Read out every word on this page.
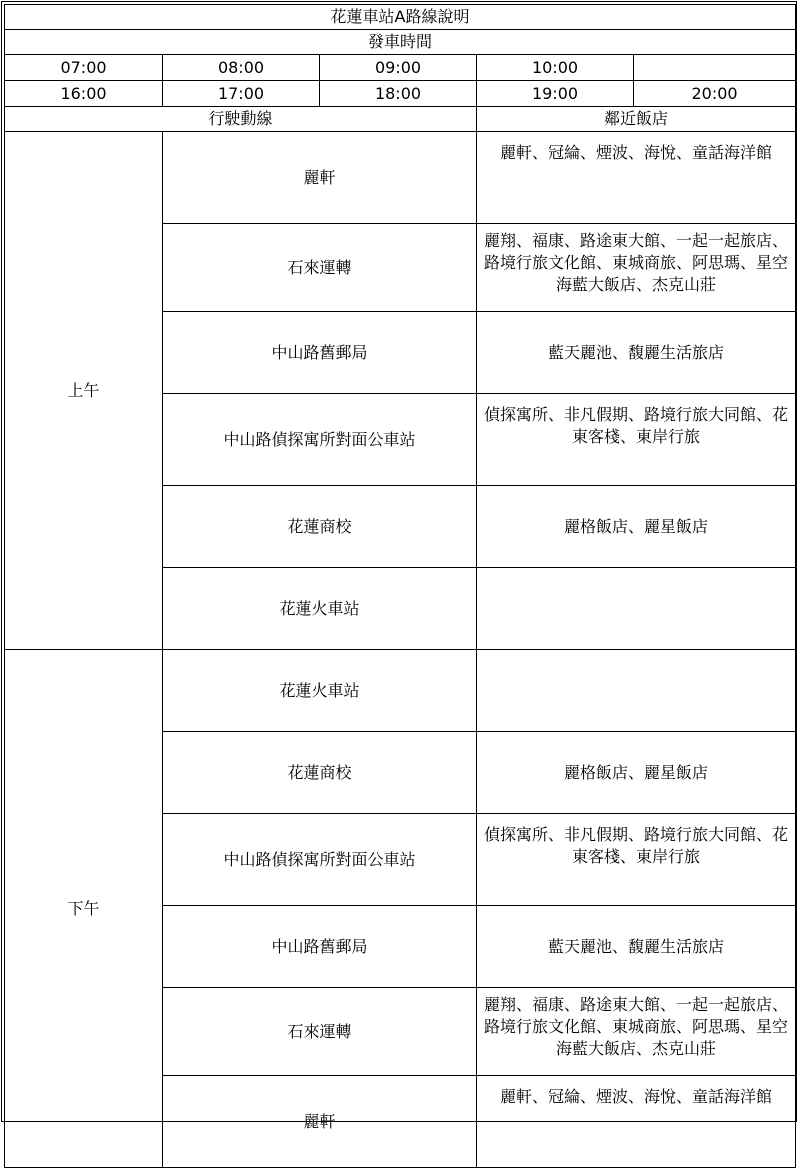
花蓮車站A路線說明				
發車時間				
07:00	08:00	09:00	10:00	
16:00	17:00	18:00	19:00	20:00
行駛動線			鄰近飯店	
上午	麗軒		麗軒、冠綸、煙波、海悅、童話海洋館	
	石來運轉		麗翔、福康、路途東大館、一起一起旅店、路境行旅文化館、東城商旅、阿思瑪、星空海藍大飯店、杰克山莊	
	中山路舊郵局		藍天麗池、馥麗生活旅店	
	中山路偵探寓所對面公車站		偵探寓所、非凡假期、路境行旅大同館、花東客棧、東岸行旅	
	花蓮商校		麗格飯店、麗星飯店	
	花蓮火車站			
下午	花蓮火車站			
	花蓮商校		麗格飯店、麗星飯店	
	中山路偵探寓所對面公車站		偵探寓所、非凡假期、路境行旅大同館、花東客棧、東岸行旅	
	中山路舊郵局		藍天麗池、馥麗生活旅店	
	石來運轉		麗翔、福康、路途東大館、一起一起旅店、路境行旅文化館、東城商旅、阿思瑪、星空海藍大飯店、杰克山莊	
	麗軒		麗軒、冠綸、煙波、海悅、童話海洋館	
